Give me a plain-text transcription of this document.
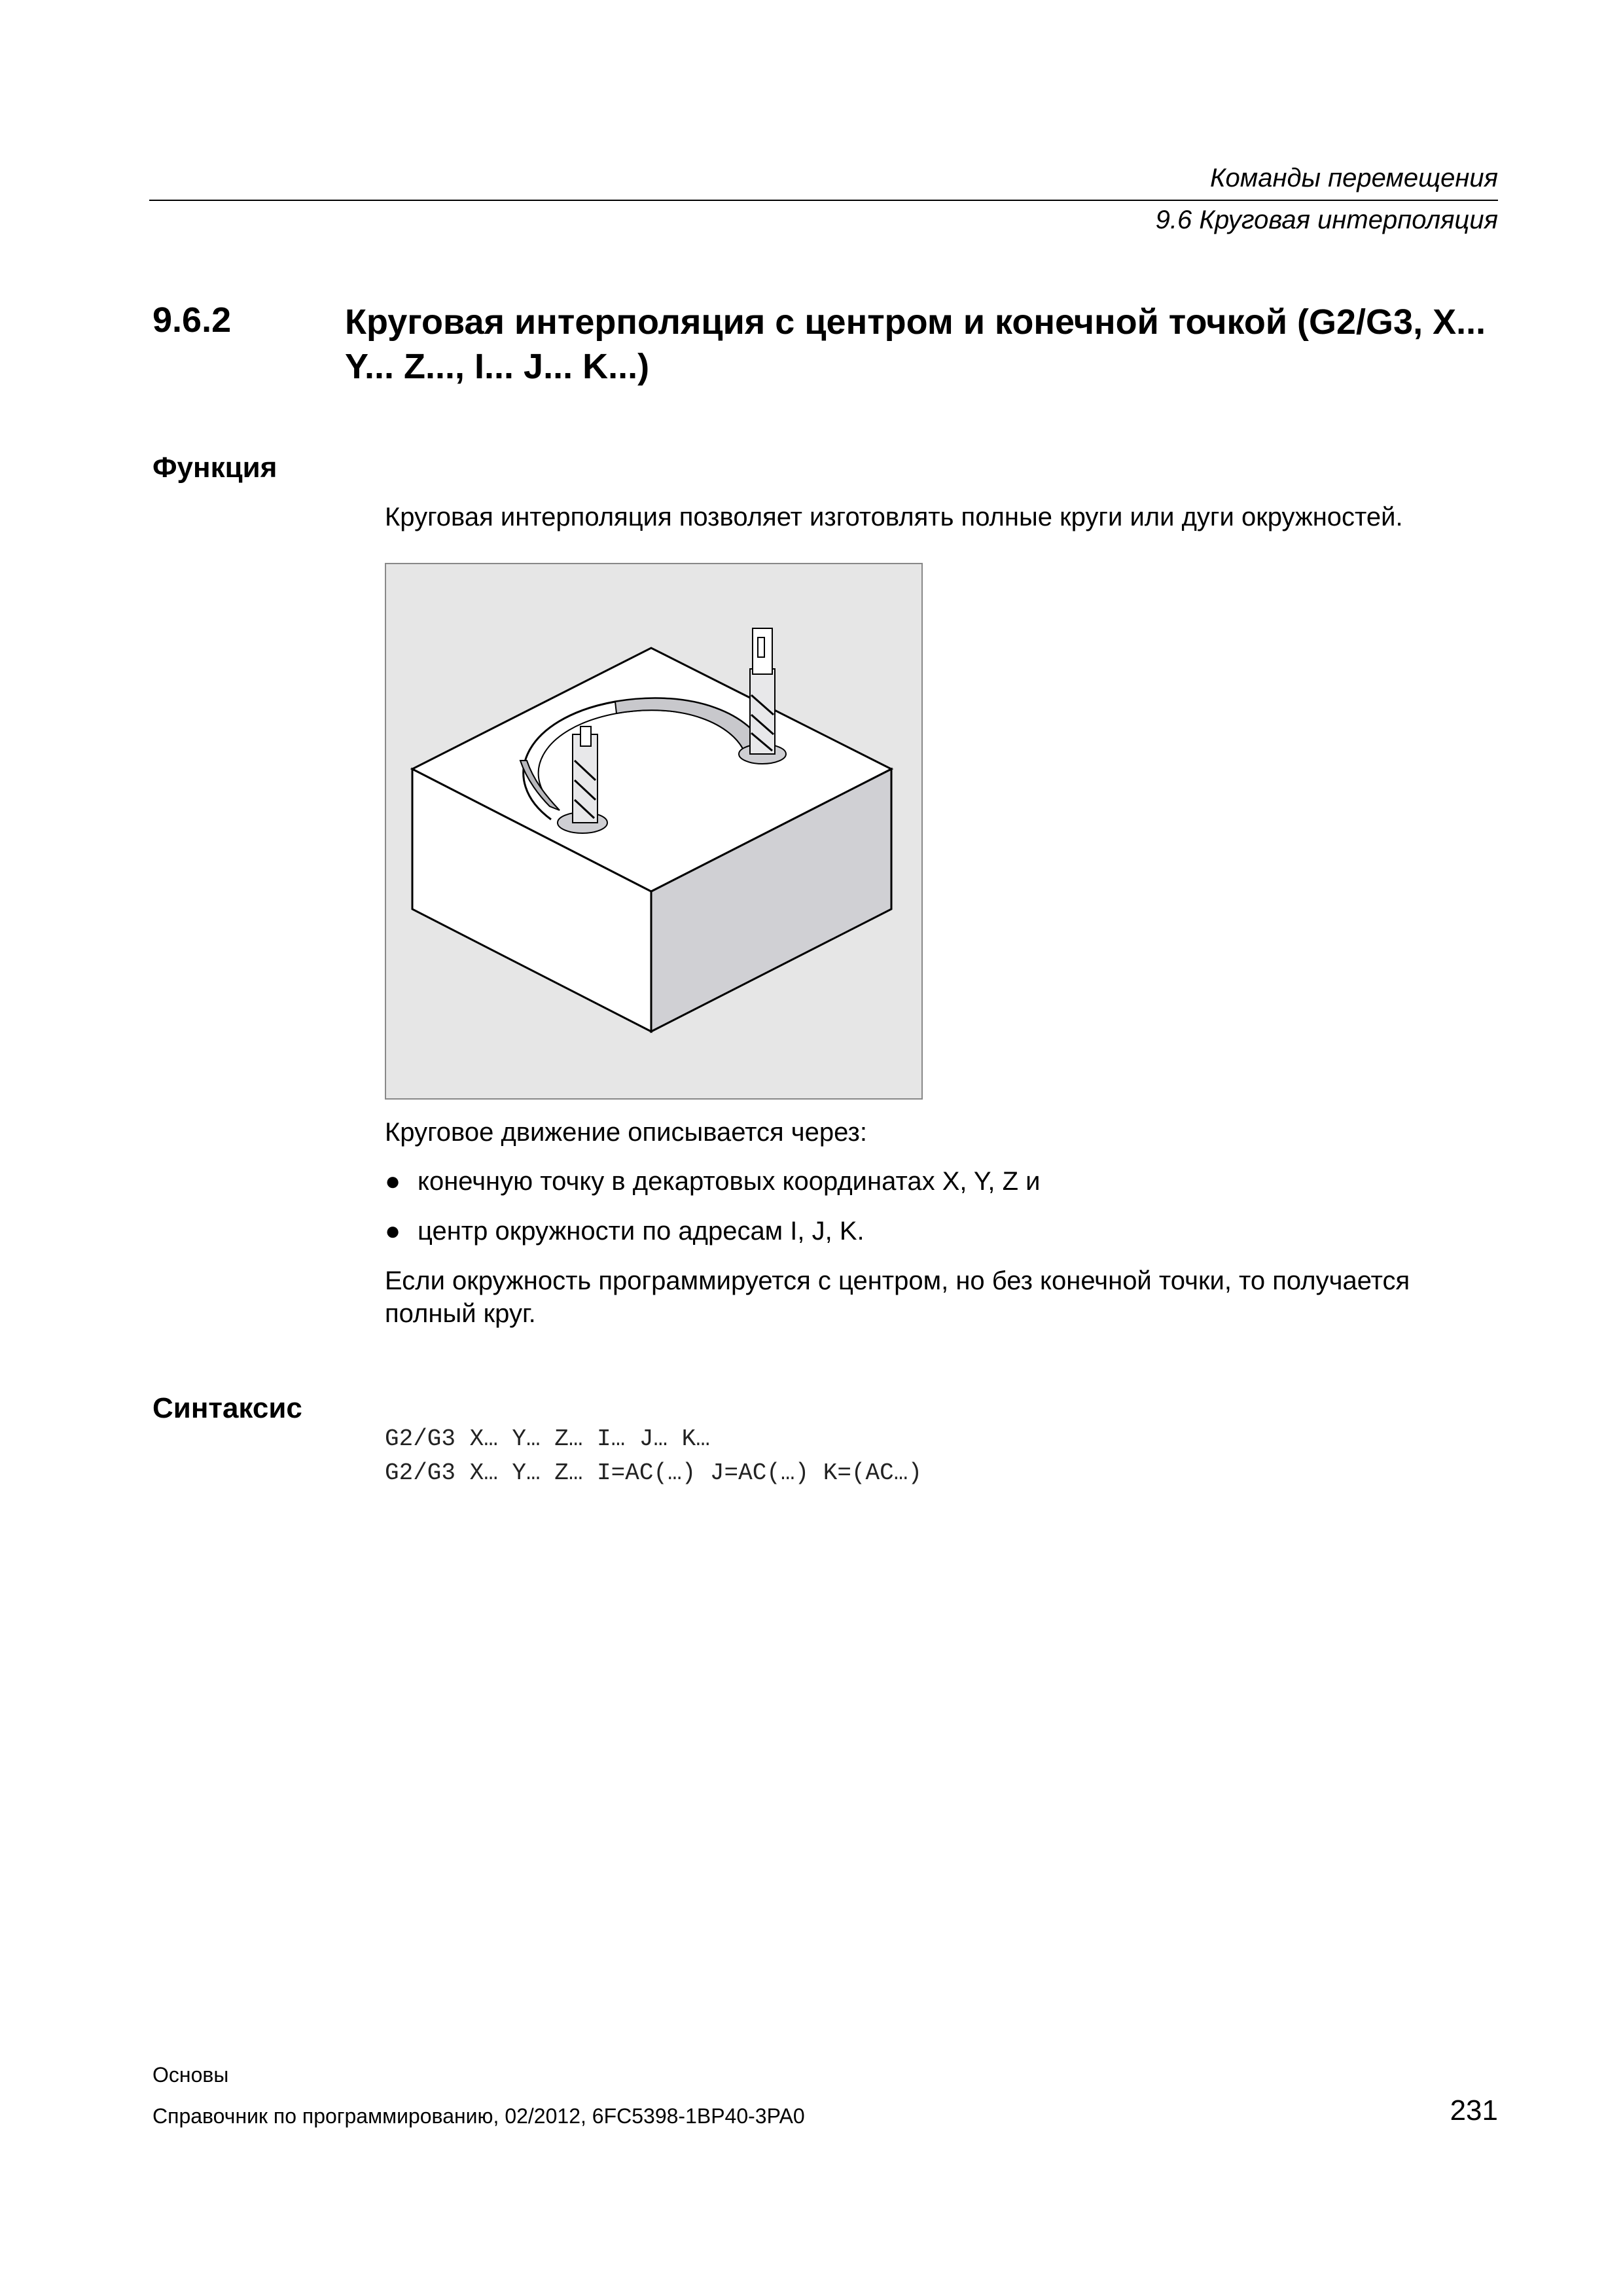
Команды перемещения
9.6 Круговая интерполяция
9.6.2	Круговая интерполяция с центром и конечной точкой (G2/G3, X... Y... Z..., I... J... K...)
Функция
Круговая интерполяция позволяет изготовлять полные круги или дуги окружностей.
Круговое движение описывается через:
● конечную точку в декартовых координатах X, Y, Z и
● центр окружности по адресам I, J, K.
Если окружность программируется с центром, но без конечной точки, то получается полный круг.
Синтаксис
G2/G3 X… Y… Z… I… J… K…
G2/G3 X… Y… Z… I=AC(…) J=AC(…) K=(AC…)
Основы
Справочник по программированию, 02/2012, 6FC5398-1BP40-3PA0	231
